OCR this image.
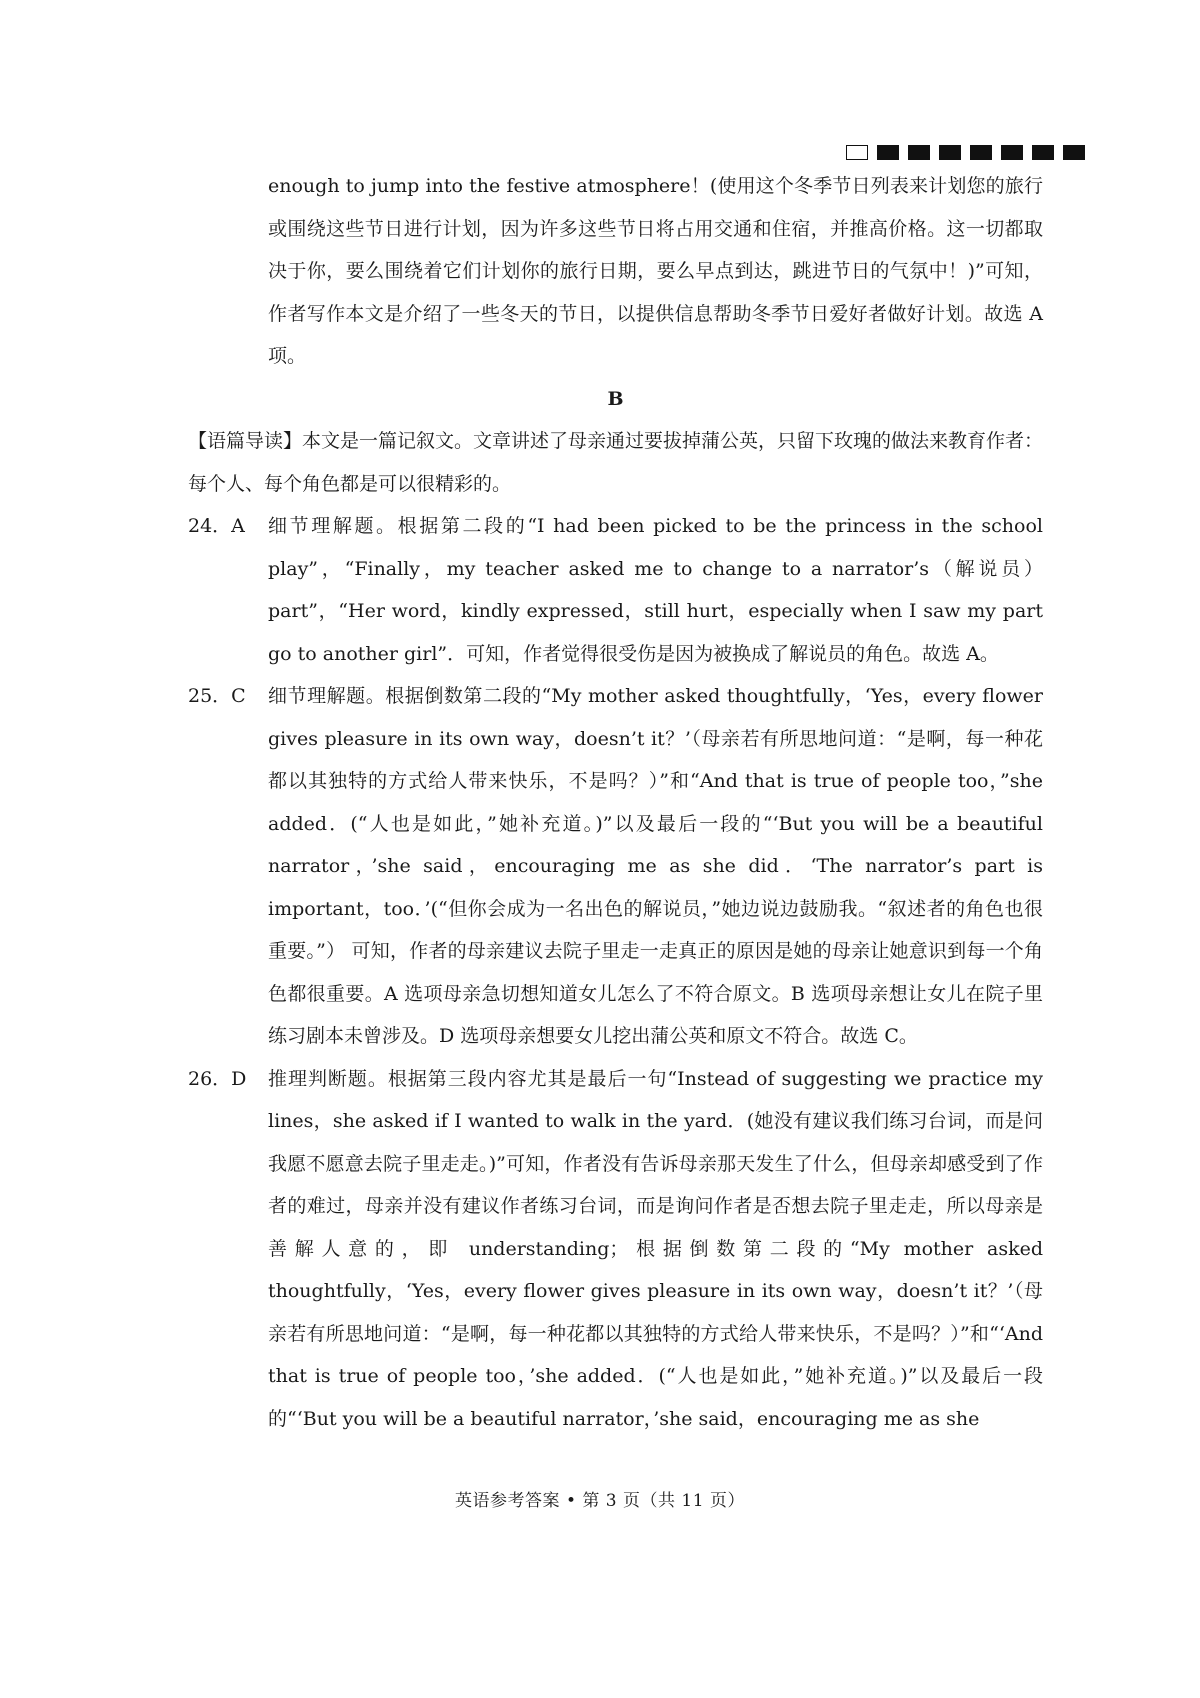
enough to jump into the festive atmosphere！(使用这个冬季节日列表来计划您的旅行或围绕这些节日进行计划，因为许多这些节日将占用交通和住宿，并推高价格。这一切都取决于你，要么围绕着它们计划你的旅行日期，要么早点到达，跳进节日的气氛中！)”可知，作者写作本文是介绍了一些冬天的节日，以提供信息帮助冬季节日爱好者做好计划。故选 A 项。
B
【语篇导读】本文是一篇记叙文。文章讲述了母亲通过要拔掉蒲公英，只留下玫瑰的做法来教育作者：每个人、每个角色都是可以很精彩的。
24．A	细节理解题。根据第二段的“I had been picked to be the princess in the school play”，“Finally，my teacher asked me to change to a narrator’s（解说员）part”，“Her word，kindly expressed，still hurt，especially when I saw my part go to another girl”．可知，作者觉得很受伤是因为被换成了解说员的角色。故选 A。
25．C	细节理解题。根据倒数第二段的“My mother asked thoughtfully，‘Yes，every flower gives pleasure in its own way，doesn’t it？’（母亲若有所思地问道：“是啊，每一种花都以其独特的方式给人带来快乐，不是吗？）”和“And that is true of people too，”she added．(“人也是如此，”她补充道。)”以及最后一段的“‘But you will be a beautiful narrator，’she said，encouraging me as she did．‘The narrator’s part is important，too．’(“但你会成为一名出色的解说员，”她边说边鼓励我。“叙述者的角色也很重要。”） 可知，作者的母亲建议去院子里走一走真正的原因是她的母亲让她意识到每一个角色都很重要。A 选项母亲急切想知道女儿怎么了不符合原文。B 选项母亲想让女儿在院子里练习剧本未曾涉及。D 选项母亲想要女儿挖出蒲公英和原文不符合。故选 C。
26．D	推理判断题。根据第三段内容尤其是最后一句“Instead of suggesting we practice my lines，she asked if I wanted to walk in the yard．(她没有建议我们练习台词，而是问我愿不愿意去院子里走走。)”可知，作者没有告诉母亲那天发生了什么，但母亲却感受到了作者的难过，母亲并没有建议作者练习台词，而是询问作者是否想去院子里走走，所以母亲是善解人意的，即 understanding；根据倒数第二段的“My mother asked thoughtfully，‘Yes，every flower gives pleasure in its own way，doesn’t it？’（母亲若有所思地问道：“是啊，每一种花都以其独特的方式给人带来快乐，不是吗？）”和“‘And that is true of people too，’she added．(“人也是如此，”她补充道。)”以及最后一段的“‘But you will be a beautiful narrator，’she said，encouraging me as she
英语参考答案 • 第 3 页（共 11 页）
